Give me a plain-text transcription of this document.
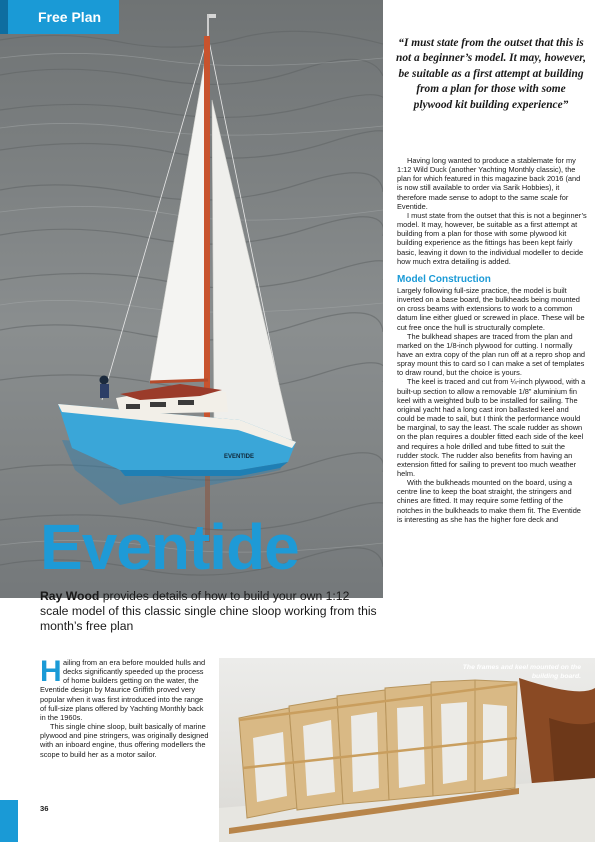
EVENTIDE
Free Plan
Eventide
“I must state from the outset that this is not a beginner’s model. It may, however, be suitable as a first attempt at building from a plan for those with some plywood kit building experience”

Having long wanted to produce a stablemate for my 1:12 Wild Duck (another Yachting Monthly classic), the plan for which featured in this magazine back 2016 (and is now still available to order via Sarik Hobbies), it therefore made sense to adopt to the same scale for Eventide.

I must state from the outset that this is not a beginner’s model. It may, however, be suitable as a first attempt at building from a plan for those with some plywood kit building experience as the fittings has been kept fairly basic, leaving it down to the individual modeller to decide how much extra detailing is added.

Model Construction

Largely following full-size practice, the model is built inverted on a base board, the bulkheads being mounted on cross beams with extensions to work to a common datum line either glued or screwed in place. These will be cut free once the hull is structurally complete.

The bulkhead shapes are traced from the plan and marked on the 1/8-inch plywood for cutting. I normally have an extra copy of the plan run off at a repro shop and spray mount this to card so I can make a set of templates to draw round, but the choice is yours.

The keel is traced and cut from ¼-inch plywood, with a built-up section to allow a removable 1/8” aluminium fin keel with a weighted bulb to be installed for sailing. The original yacht had a long cast iron ballasted keel and could be made to sail, but I think the performance would be marginal, to say the least. The scale rudder as shown on the plan requires a doubler fitted each side of the keel and requires a hole drilled and tube fitted to suit the rudder stock. The rudder also benefits from having an extension fitted for sailing to prevent too much weather helm.

With the bulkheads mounted on the board, using a centre line to keep the boat straight, the stringers and chines are fitted. It may require some fettling of the notches in the bulkheads to make them fit. The Eventide is interesting as she has the higher fore deck and

Ray Wood provides details of how to build your own 1:12 scale model of this classic single chine sloop working from this month’s free plan

Hailing from an era before moulded hulls and decks significantly speeded up the process of home builders getting on the water, the Eventide design by Maurice Griffith proved very popular when it was first introduced into the range of full-size plans offered by Yachting Monthly back in the 1960s.

This single chine sloop, built basically of marine plywood and pine stringers, was originally designed with an inboard engine, thus offering modellers the scope to build her as a motor sailor.

The frames and keel mounted on the building board.
36
